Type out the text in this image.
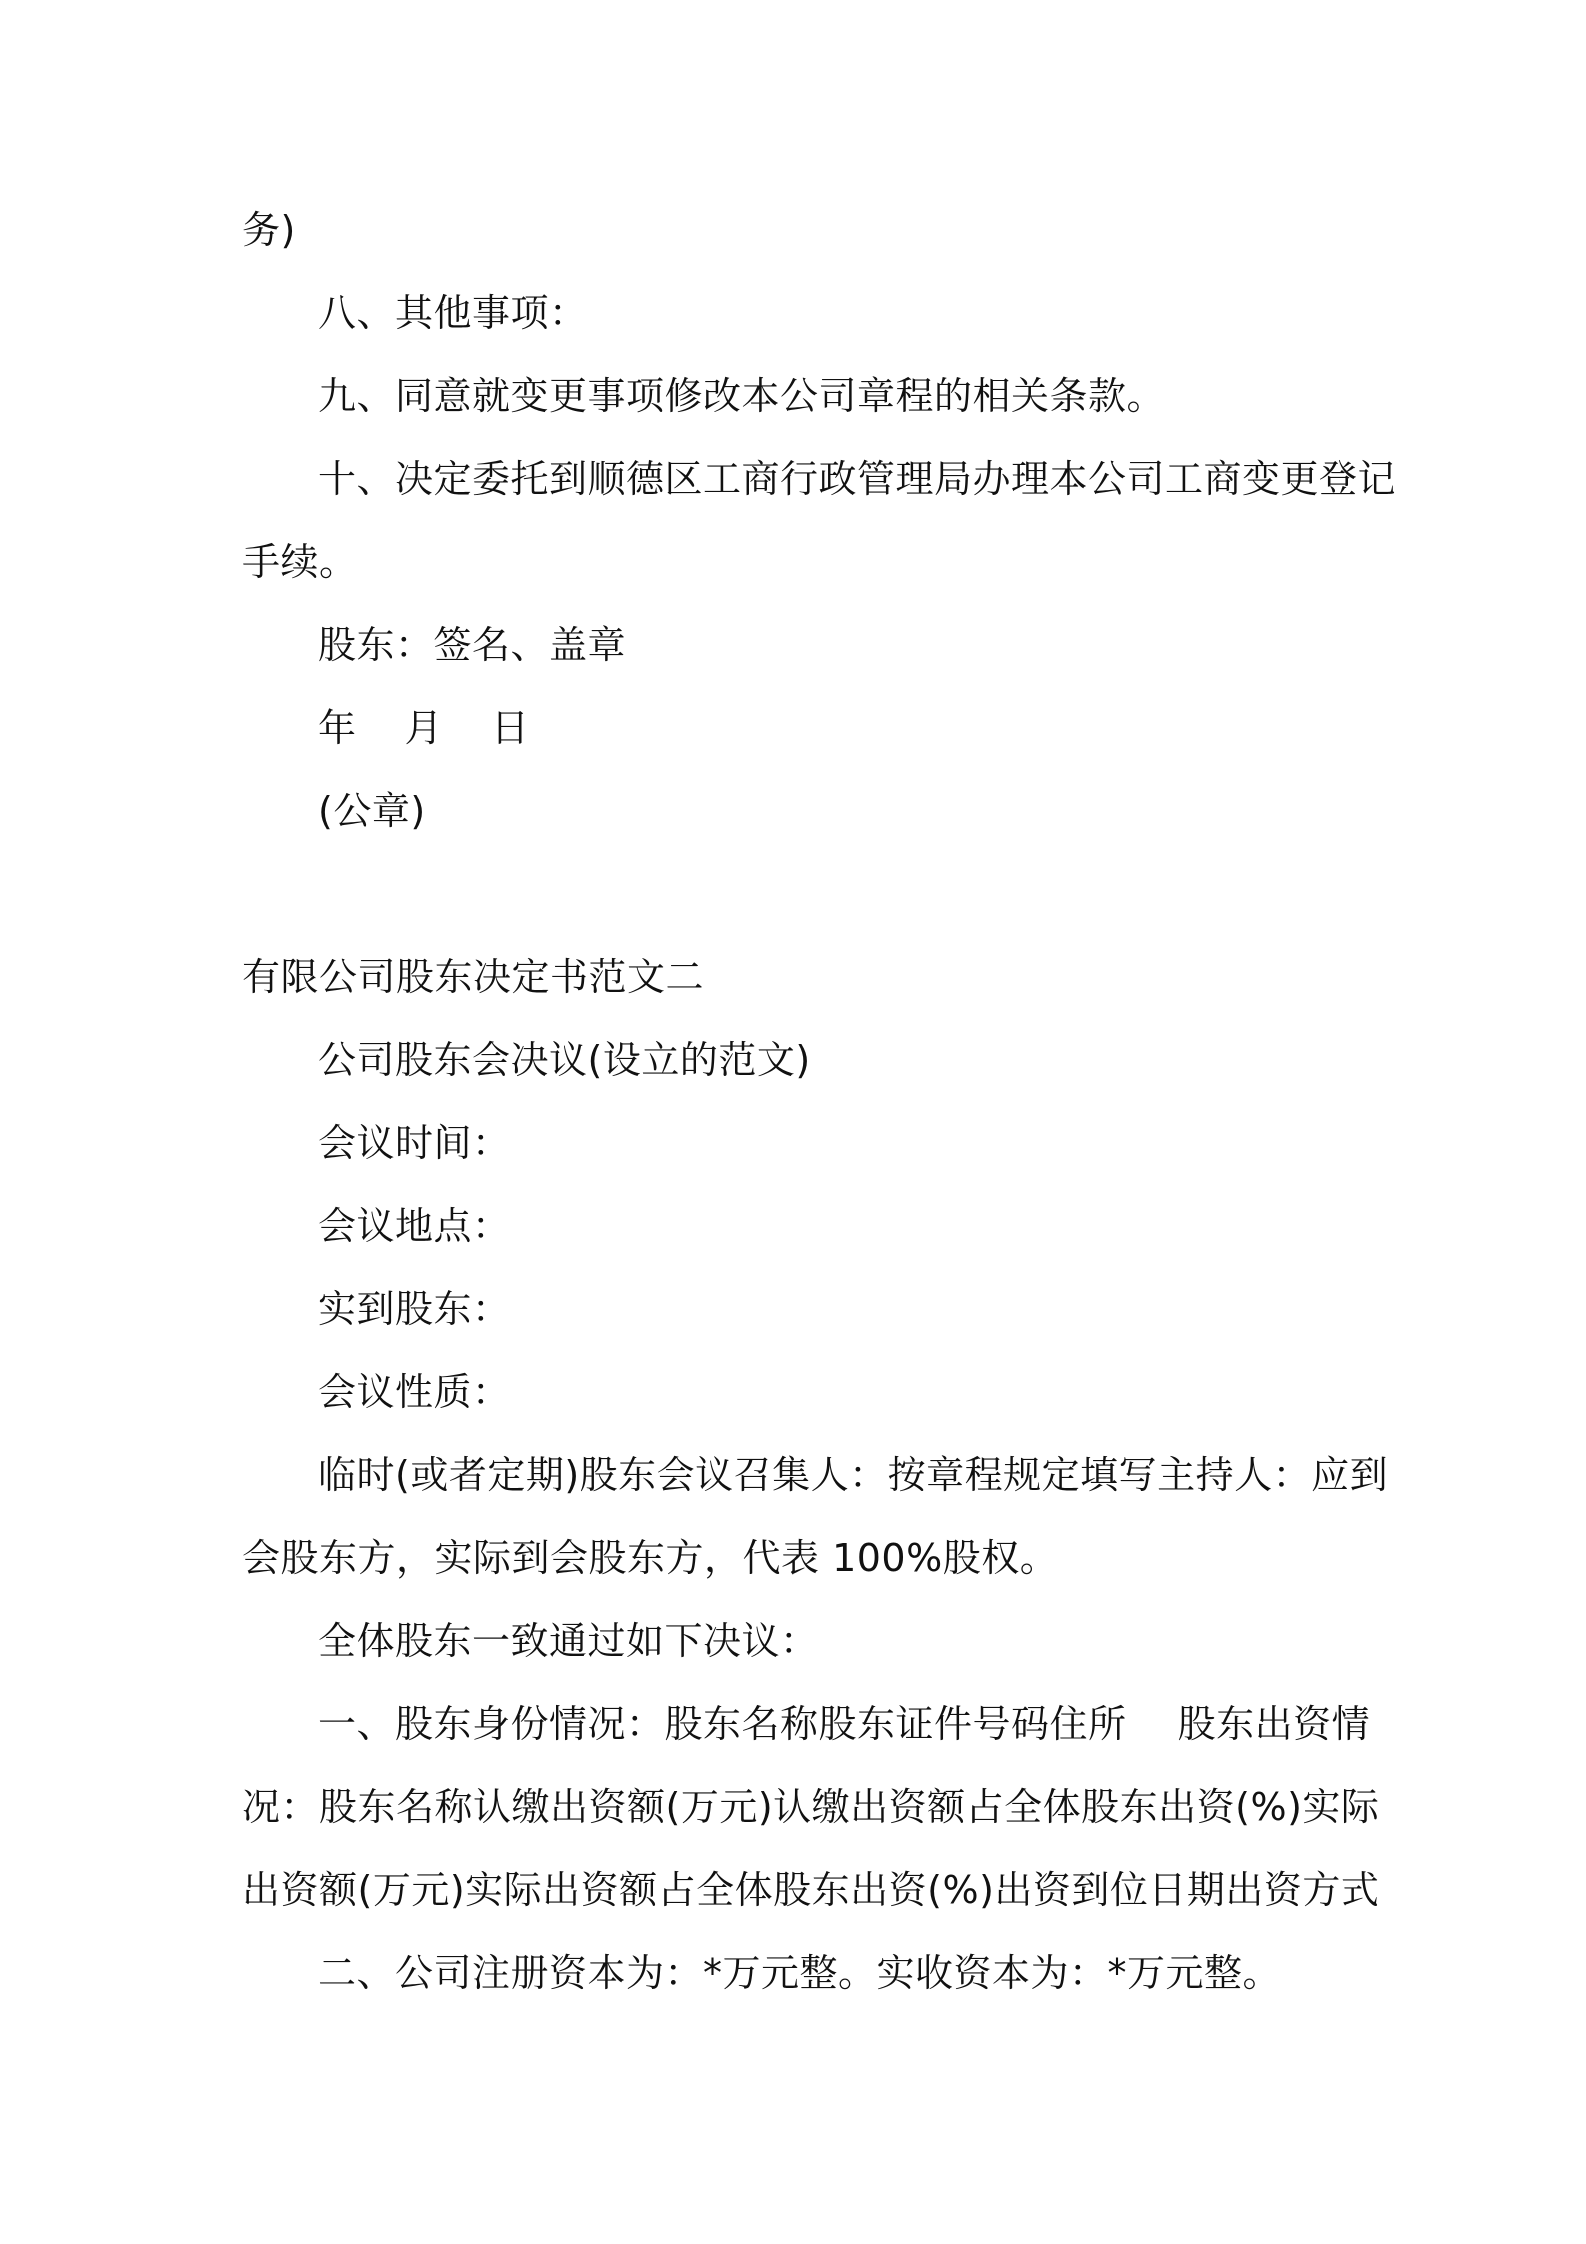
务)
八、其他事项：
九、同意就变更事项修改本公司章程的相关条款。
十、决定委托到顺德区工商行政管理局办理本公司工商变更登记
手续。
股东：签名、盖章
年 月 日
(公章)
有限公司股东决定书范文二
公司股东会决议(设立的范文)
会议时间：
会议地点：
实到股东：
会议性质：
临时(或者定期)股东会议召集人：按章程规定填写主持人：应到
会股东方，实际到会股东方，代表 100%股权。
全体股东一致通过如下决议：
一、股东身份情况：股东名称股东证件号码住所　 股东出资情
况：股东名称认缴出资额(万元)认缴出资额占全体股东出资(%)实际
出资额(万元)实际出资额占全体股东出资(%)出资到位日期出资方式
二、公司注册资本为：*万元整。实收资本为：*万元整。
